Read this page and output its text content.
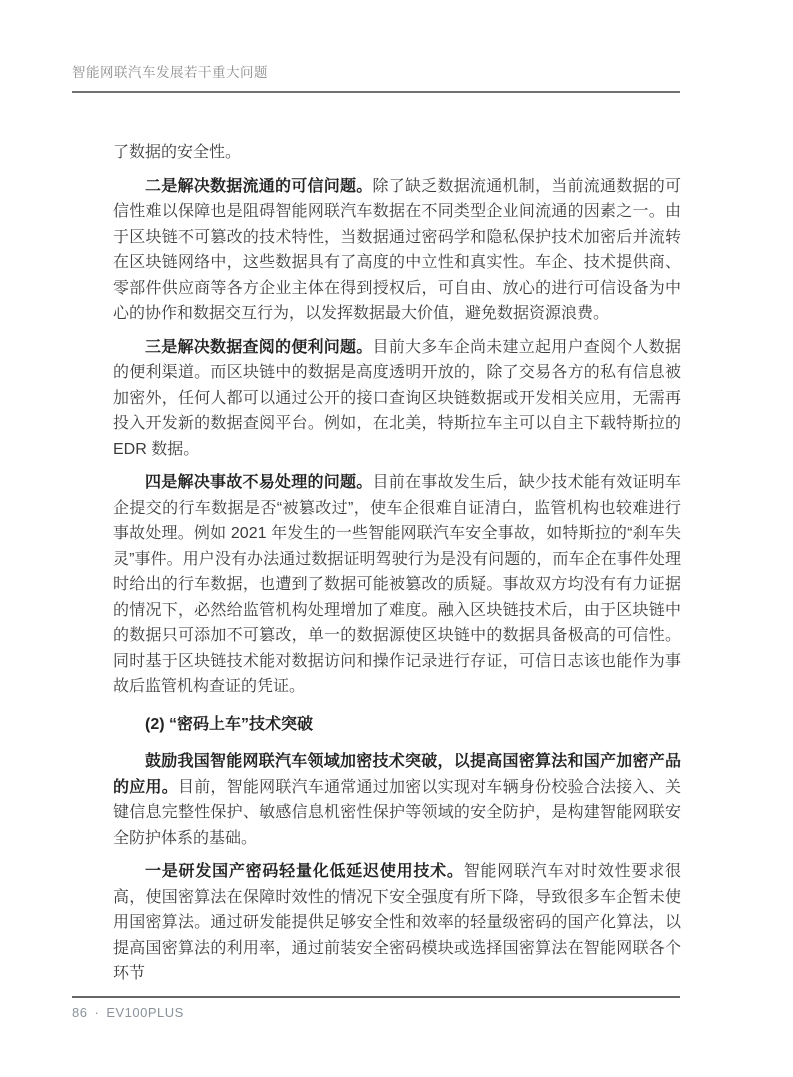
智能网联汽车发展若干重大问题

了数据的安全性。

二是解决数据流通的可信问题。除了缺乏数据流通机制，当前流通数据的可信性难以保障也是阻碍智能网联汽车数据在不同类型企业间流通的因素之一。由于区块链不可篡改的技术特性，当数据通过密码学和隐私保护技术加密后并流转在区块链网络中，这些数据具有了高度的中立性和真实性。车企、技术提供商、零部件供应商等各方企业主体在得到授权后，可自由、放心的进行可信设备为中心的协作和数据交互行为，以发挥数据最大价值，避免数据资源浪费。

三是解决数据查阅的便利问题。目前大多车企尚未建立起用户查阅个人数据的便利渠道。而区块链中的数据是高度透明开放的，除了交易各方的私有信息被加密外，任何人都可以通过公开的接口查询区块链数据或开发相关应用，无需再投入开发新的数据查阅平台。例如，在北美，特斯拉车主可以自主下载特斯拉的 EDR 数据。

四是解决事故不易处理的问题。目前在事故发生后，缺少技术能有效证明车企提交的行车数据是否“被篡改过”，使车企很难自证清白，监管机构也较难进行事故处理。例如 2021 年发生的一些智能网联汽车安全事故，如特斯拉的“刹车失灵”事件。用户没有办法通过数据证明驾驶行为是没有问题的，而车企在事件处理时给出的行车数据，也遭到了数据可能被篡改的质疑。事故双方均没有有力证据的情况下，必然给监管机构处理增加了难度。融入区块链技术后，由于区块链中的数据只可添加不可篡改，单一的数据源使区块链中的数据具备极高的可信性。同时基于区块链技术能对数据访问和操作记录进行存证，可信日志该也能作为事故后监管机构查证的凭证。

(2) “密码上车”技术突破

鼓励我国智能网联汽车领域加密技术突破，以提高国密算法和国产加密产品的应用。目前，智能网联汽车通常通过加密以实现对车辆身份校验合法接入、关键信息完整性保护、敏感信息机密性保护等领域的安全防护，是构建智能网联安全防护体系的基础。

一是研发国产密码轻量化低延迟使用技术。智能网联汽车对时效性要求很高，使国密算法在保障时效性的情况下安全强度有所下降，导致很多车企暂未使用国密算法。通过研发能提供足够安全性和效率的轻量级密码的国产化算法，以提高国密算法的利用率，通过前装安全密码模块或选择国密算法在智能网联各个环节

86 · EV100PLUS
